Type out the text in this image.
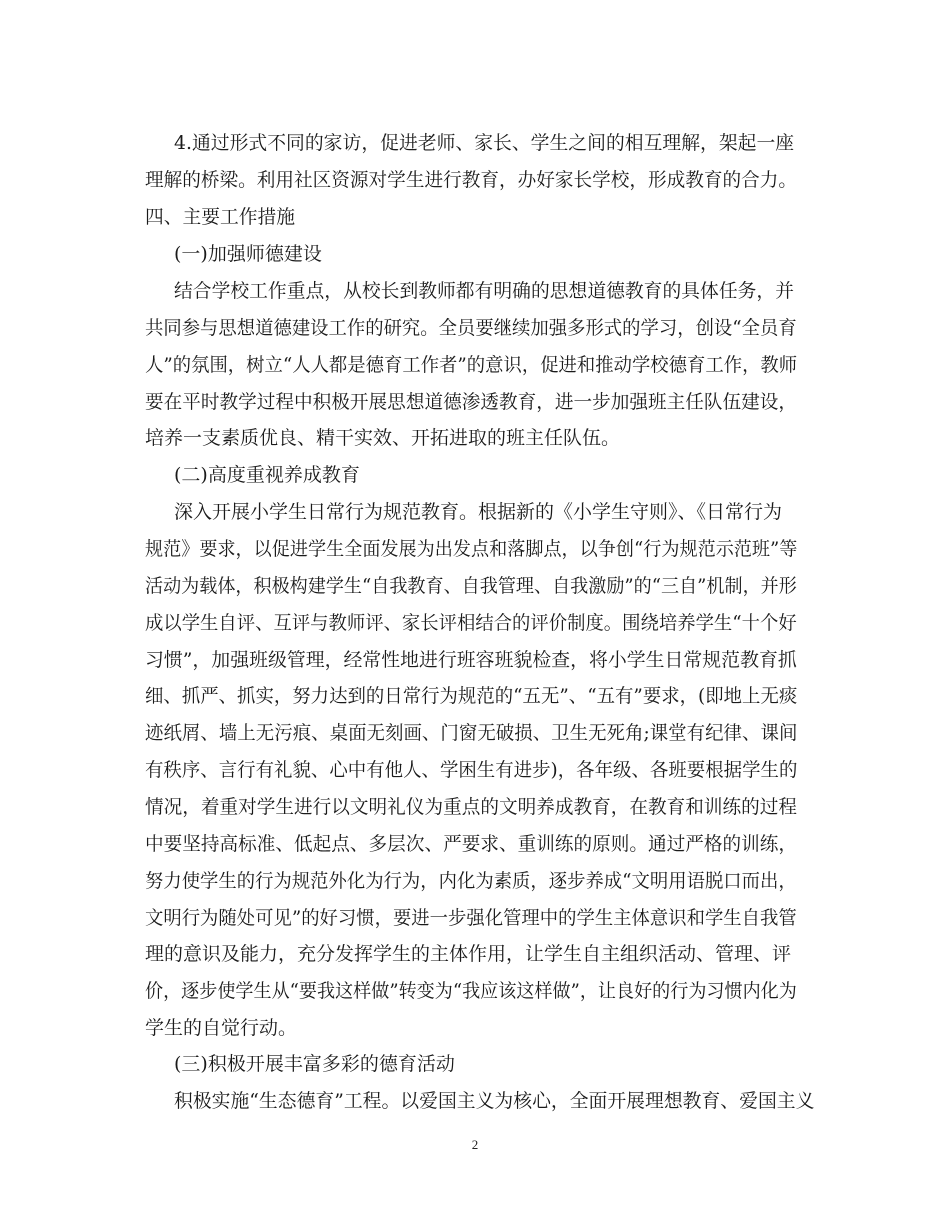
4.通过形式不同的家访，促进老师、家长、学生之间的相互理解，架起一座
理解的桥梁。利用社区资源对学生进行教育，办好家长学校，形成教育的合力。
四、主要工作措施
(一)加强师德建设
结合学校工作重点，从校长到教师都有明确的思想道德教育的具体任务，并
共同参与思想道德建设工作的研究。全员要继续加强多形式的学习，创设“全员育
人”的氛围，树立“人人都是德育工作者”的意识，促进和推动学校德育工作，教师
要在平时教学过程中积极开展思想道德渗透教育，进一步加强班主任队伍建设，
培养一支素质优良、精干实效、开拓进取的班主任队伍。
(二)高度重视养成教育
深入开展小学生日常行为规范教育。根据新的《小学生守则》、《日常行为
规范》要求，以促进学生全面发展为出发点和落脚点，以争创“行为规范示范班”等
活动为载体，积极构建学生“自我教育、自我管理、自我激励”的“三自”机制，并形
成以学生自评、互评与教师评、家长评相结合的评价制度。围绕培养学生“十个好
习惯”，加强班级管理，经常性地进行班容班貌检查，将小学生日常规范教育抓
细、抓严、抓实，努力达到的日常行为规范的“五无”、“五有”要求，(即地上无痰
迹纸屑、墙上无污痕、桌面无刻画、门窗无破损、卫生无死角;课堂有纪律、课间
有秩序、言行有礼貌、心中有他人、学困生有进步)，各年级、各班要根据学生的
情况，着重对学生进行以文明礼仪为重点的文明养成教育，在教育和训练的过程
中要坚持高标准、低起点、多层次、严要求、重训练的原则。通过严格的训练，
努力使学生的行为规范外化为行为，内化为素质，逐步养成“文明用语脱口而出，
文明行为随处可见”的好习惯，要进一步强化管理中的学生主体意识和学生自我管
理的意识及能力，充分发挥学生的主体作用，让学生自主组织活动、管理、评
价，逐步使学生从“要我这样做”转变为“我应该这样做”，让良好的行为习惯内化为
学生的自觉行动。
(三)积极开展丰富多彩的德育活动
积极实施“生态德育”工程。以爱国主义为核心，全面开展理想教育、爱国主义
2
